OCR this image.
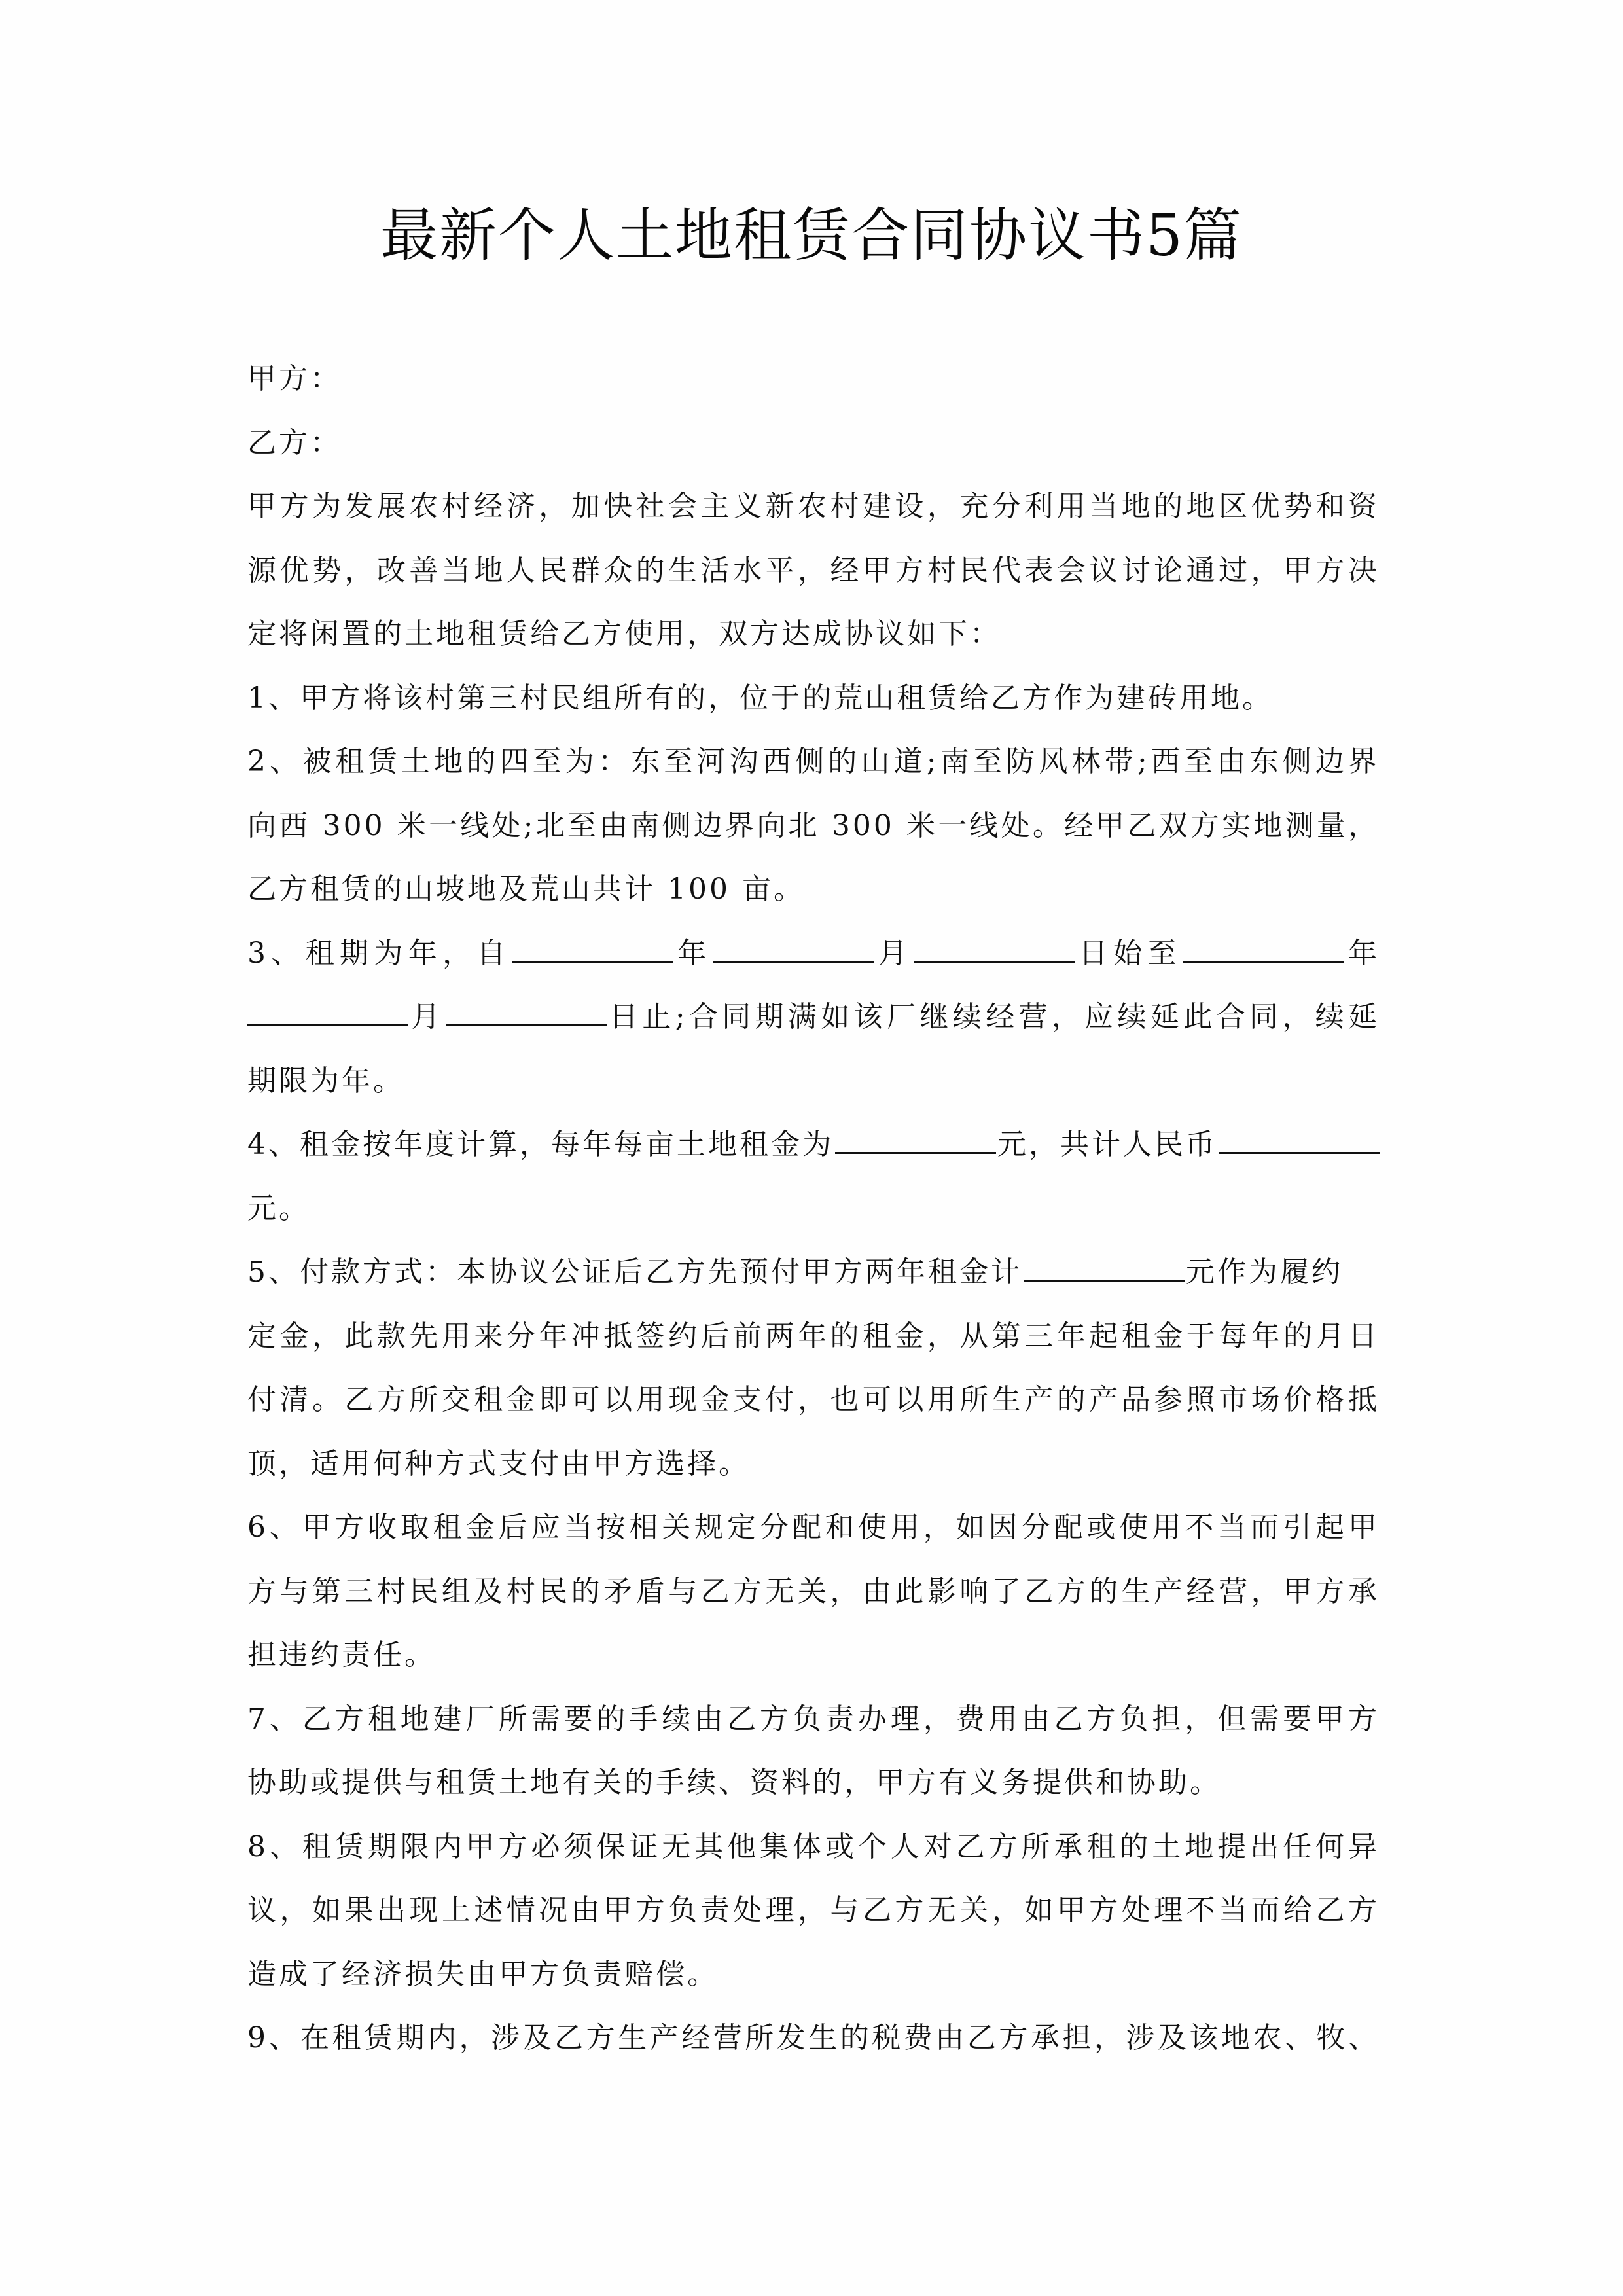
最新个人土地租赁合同协议书5篇
甲方：
乙方：
甲方为发展农村经济，加快社会主义新农村建设，充分利用当地的地区优势和资
源优势，改善当地人民群众的生活水平，经甲方村民代表会议讨论通过，甲方决
定将闲置的土地租赁给乙方使用，双方达成协议如下：
1、甲方将该村第三村民组所有的，位于的荒山租赁给乙方作为建砖用地。
2、被租赁土地的四至为：东至河沟西侧的山道;南至防风林带;西至由东侧边界
向西 300 米一线处;北至由南侧边界向北 300 米一线处。经甲乙双方实地测量，
乙方租赁的山坡地及荒山共计 100 亩。
3、租期为年，自	年	月	日始至	年
月	日止;合同期满如该厂继续经营，应续延此合同，续延
期限为年。
4、租金按年度计算，每年每亩土地租金为	元，共计人民币
元。
5、付款方式：本协议公证后乙方先预付甲方两年租金计	元作为履约
定金，此款先用来分年冲抵签约后前两年的租金，从第三年起租金于每年的月日
付清。乙方所交租金即可以用现金支付，也可以用所生产的产品参照市场价格抵
顶，适用何种方式支付由甲方选择。
6、甲方收取租金后应当按相关规定分配和使用，如因分配或使用不当而引起甲
方与第三村民组及村民的矛盾与乙方无关，由此影响了乙方的生产经营，甲方承
担违约责任。
7、乙方租地建厂所需要的手续由乙方负责办理，费用由乙方负担，但需要甲方
协助或提供与租赁土地有关的手续、资料的，甲方有义务提供和协助。
8、租赁期限内甲方必须保证无其他集体或个人对乙方所承租的土地提出任何异
议，如果出现上述情况由甲方负责处理，与乙方无关，如甲方处理不当而给乙方
造成了经济损失由甲方负责赔偿。
9、在租赁期内，涉及乙方生产经营所发生的税费由乙方承担，涉及该地农、牧、
